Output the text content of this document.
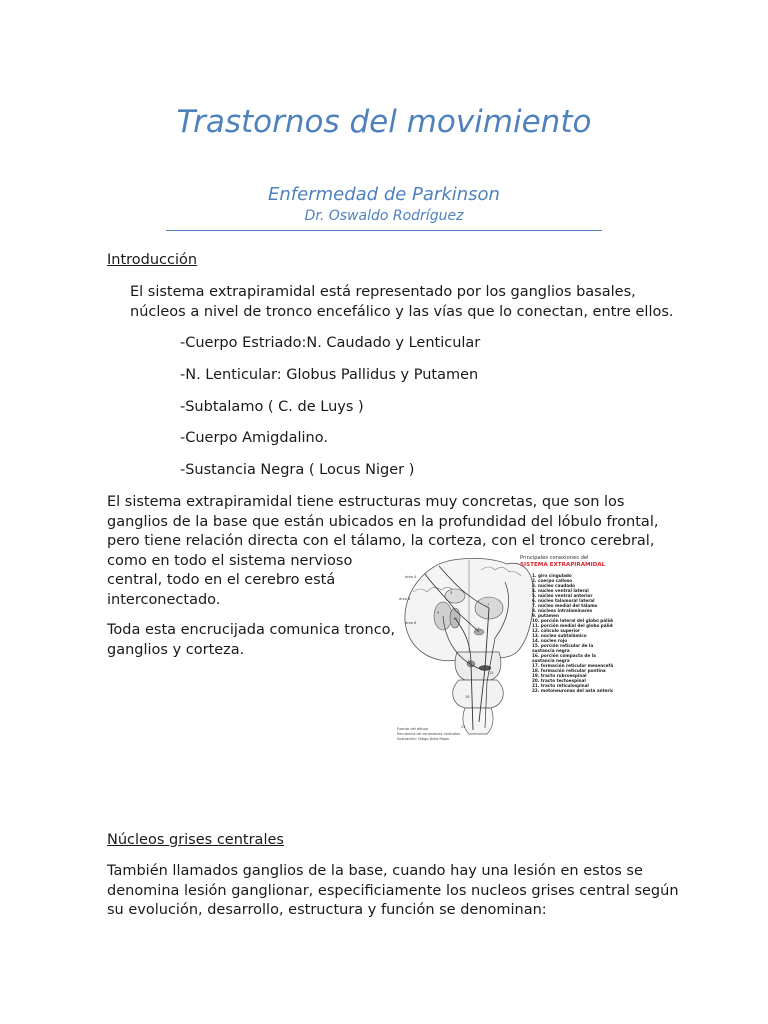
Trastornos del movimiento
Enfermedad de Parkinson
Dr. Oswaldo Rodríguez
Introducción
El sistema extrapiramidal está representado por los ganglios basales,
núcleos a nivel de tronco encefálico y las vías que lo conectan, entre ellos.
-Cuerpo Estriado:N. Caudado y Lenticular
-N. Lenticular: Globus Pallidus y Putamen
-Subtalamo ( C. de Luys )
-Cuerpo Amigdalino.
-Sustancia Negra ( Locus Niger )
El sistema extrapiramidal tiene estructuras muy concretas, que son los
ganglios de la base que están ubicados en la profundidad del lóbulo frontal,
pero tiene relación directa con el tálamo, la corteza, con el tronco cerebral,
como en todo el sistema nervioso
central, todo en el cerebro está
interconectado.
Toda esta encrucijada comunica tronco,
ganglios y corteza.
área 4
área 6
área 8
3
9
10
7
13
14
15
18
22
Principales conexiones del
SISTEMA EXTRAPIRAMIDAL
1. giro cingulado
2. cuerpo calloso
3. núcleo caudado
4. núcleo ventral lateral
5. núcleo ventral anterior
6. núcleo talamoral lateral
7. núcleo medial del tálamo
8. núcleos intralaminares
9. putamen
10. porción lateral del globo pálido
11. porción medial del globo pálido
12. colículo superior
13. núcleo subtalámico
14. núcleo rojo
15. porción reticular de la
sustancia negra
16. porción compacta de la
sustancia negra
17. formación reticular mesencefálica
18. formación reticular pontina
19. tracto rubroespinal
20. tracto tectoespinal
21. tracto reticulospinal
22. motoneuronas del asta anterior
Fuente del dibujo
Secuencia de conexiones centrales
Ilustración: Diego Ávila Rojas
Núcleos grises centrales
También llamados ganglios de la base, cuando hay una lesión en estos se
denomina lesión ganglionar, especificiamente los nucleos grises central según
su evolución, desarrollo, estructura y función se denominan:
